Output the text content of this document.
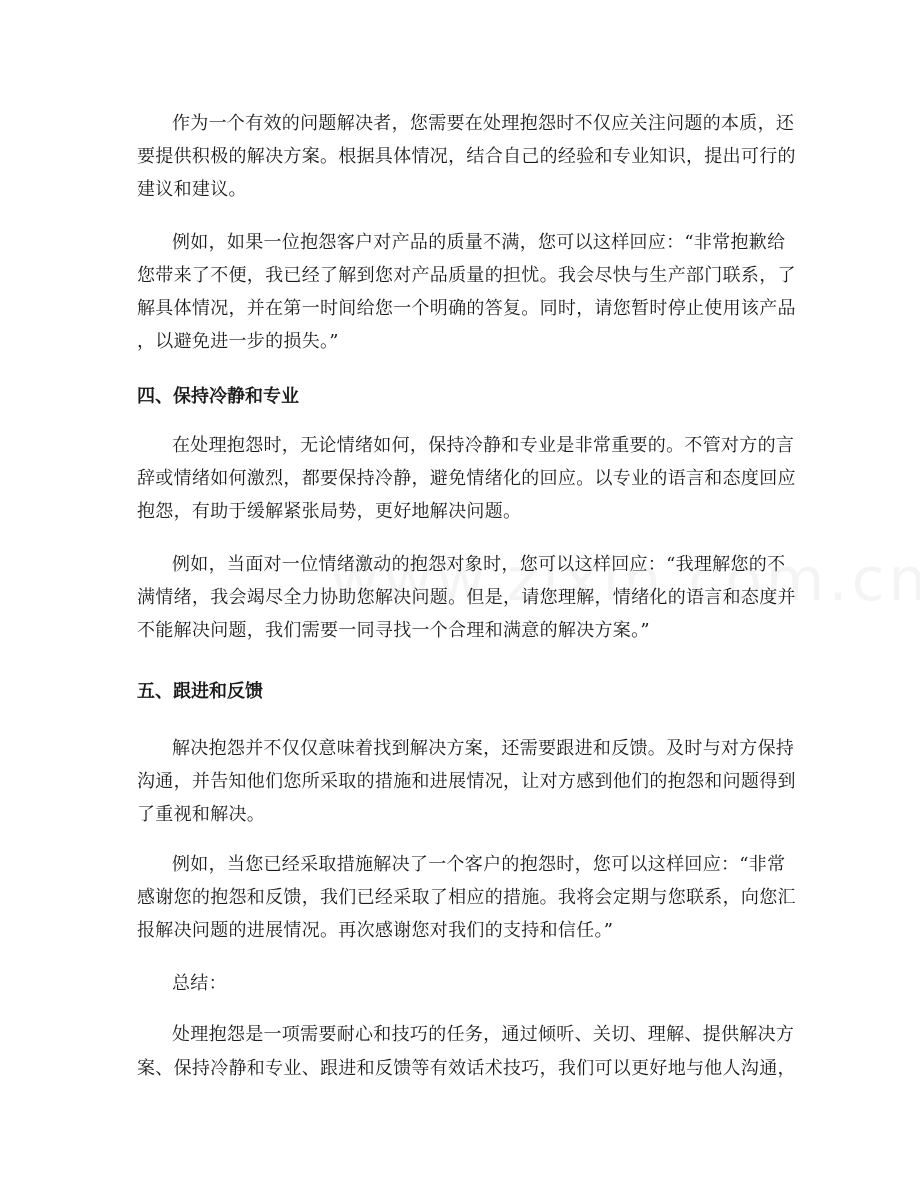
作为一个有效的问题解决者，您需要在处理抱怨时不仅应关注问题的本质，还
要提供积极的解决方案。根据具体情况，结合自己的经验和专业知识，提出可行的
建议和建议。
例如，如果一位抱怨客户对产品的质量不满，您可以这样回应：“非常抱歉给
您带来了不便，我已经了解到您对产品质量的担忧。我会尽快与生产部门联系，了
解具体情况，并在第一时间给您一个明确的答复。同时，请您暂时停止使用该产品
，以避免进一步的损失。”
四、保持冷静和专业
在处理抱怨时，无论情绪如何，保持冷静和专业是非常重要的。不管对方的言
辞或情绪如何激烈，都要保持冷静，避免情绪化的回应。以专业的语言和态度回应
抱怨，有助于缓解紧张局势，更好地解决问题。
例如，当面对一位情绪激动的抱怨对象时，您可以这样回应：“我理解您的不
满情绪，我会竭尽全力协助您解决问题。但是，请您理解，情绪化的语言和态度并
不能解决问题，我们需要一同寻找一个合理和满意的解决方案。”
五、跟进和反馈
解决抱怨并不仅仅意味着找到解决方案，还需要跟进和反馈。及时与对方保持
沟通，并告知他们您所采取的措施和进展情况，让对方感到他们的抱怨和问题得到
了重视和解决。
例如，当您已经采取措施解决了一个客户的抱怨时，您可以这样回应：“非常
感谢您的抱怨和反馈，我们已经采取了相应的措施。我将会定期与您联系，向您汇
报解决问题的进展情况。再次感谢您对我们的支持和信任。”
总结：
处理抱怨是一项需要耐心和技巧的任务，通过倾听、关切、理解、提供解决方
案、保持冷静和专业、跟进和反馈等有效话术技巧，我们可以更好地与他人沟通，
